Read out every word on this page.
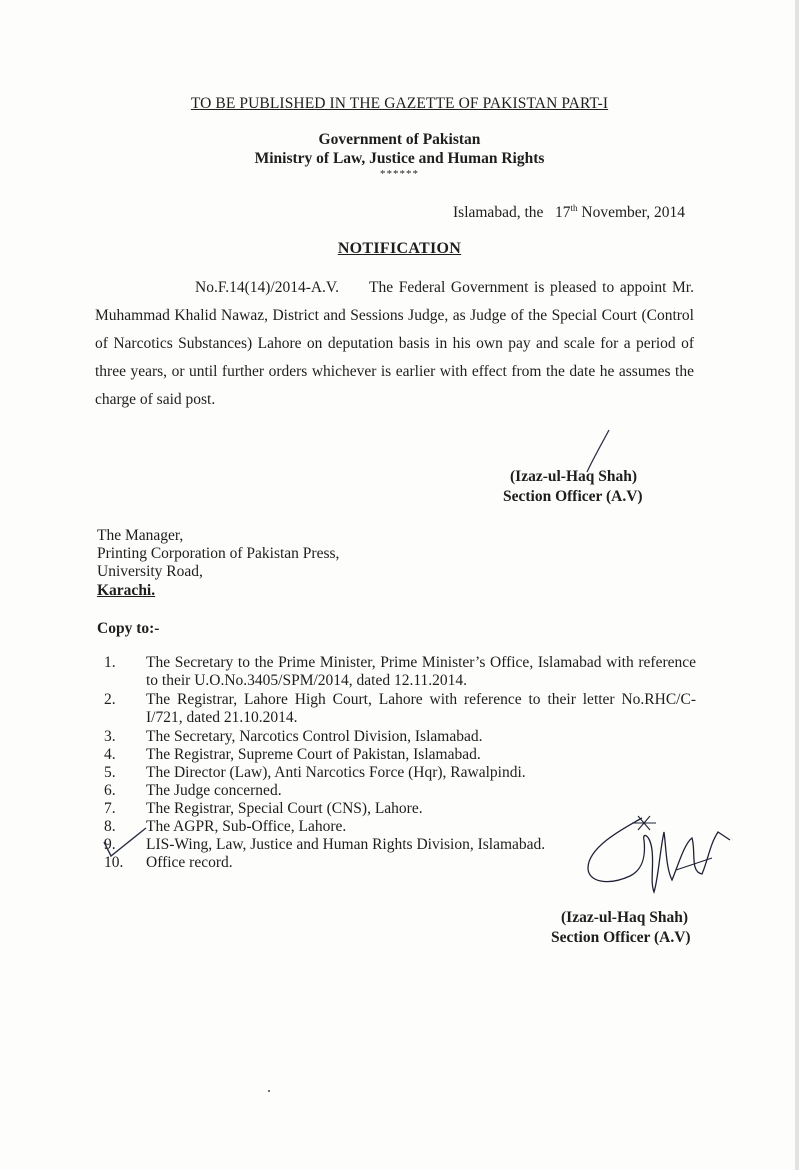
TO BE PUBLISHED IN THE GAZETTE OF PAKISTAN PART-I
Government of Pakistan
Ministry of Law, Justice and Human Rights
******
Islamabad, the 17th November, 2014
NOTIFICATION
No.F.14(14)/2014-A.V. The Federal Government is pleased to appoint Mr. Muhammad Khalid Nawaz, District and Sessions Judge, as Judge of the Special Court (Control of Narcotics Substances) Lahore on deputation basis in his own pay and scale for a period of three years, or until further orders whichever is earlier with effect from the date he assumes the charge of said post.
(Izaz-ul-Haq Shah)
Section Officer (A.V)
The Manager,
Printing Corporation of Pakistan Press,
University Road,
Karachi.
Copy to:-
1.	The Secretary to the Prime Minister, Prime Minister’s Office, Islamabad with reference to their U.O.No.3405/SPM/2014, dated 12.11.2014.
2.	The Registrar, Lahore High Court, Lahore with reference to their letter No.RHC/C-I/721, dated 21.10.2014.
3.	The Secretary, Narcotics Control Division, Islamabad.
4.	The Registrar, Supreme Court of Pakistan, Islamabad.
5.	The Director (Law), Anti Narcotics Force (Hqr), Rawalpindi.
6.	The Judge concerned.
7.	The Registrar, Special Court (CNS), Lahore.
8.	The AGPR, Sub-Office, Lahore.
9.	LIS-Wing, Law, Justice and Human Rights Division, Islamabad.
10.	Office record.
(Izaz-ul-Haq Shah)
Section Officer (A.V)
